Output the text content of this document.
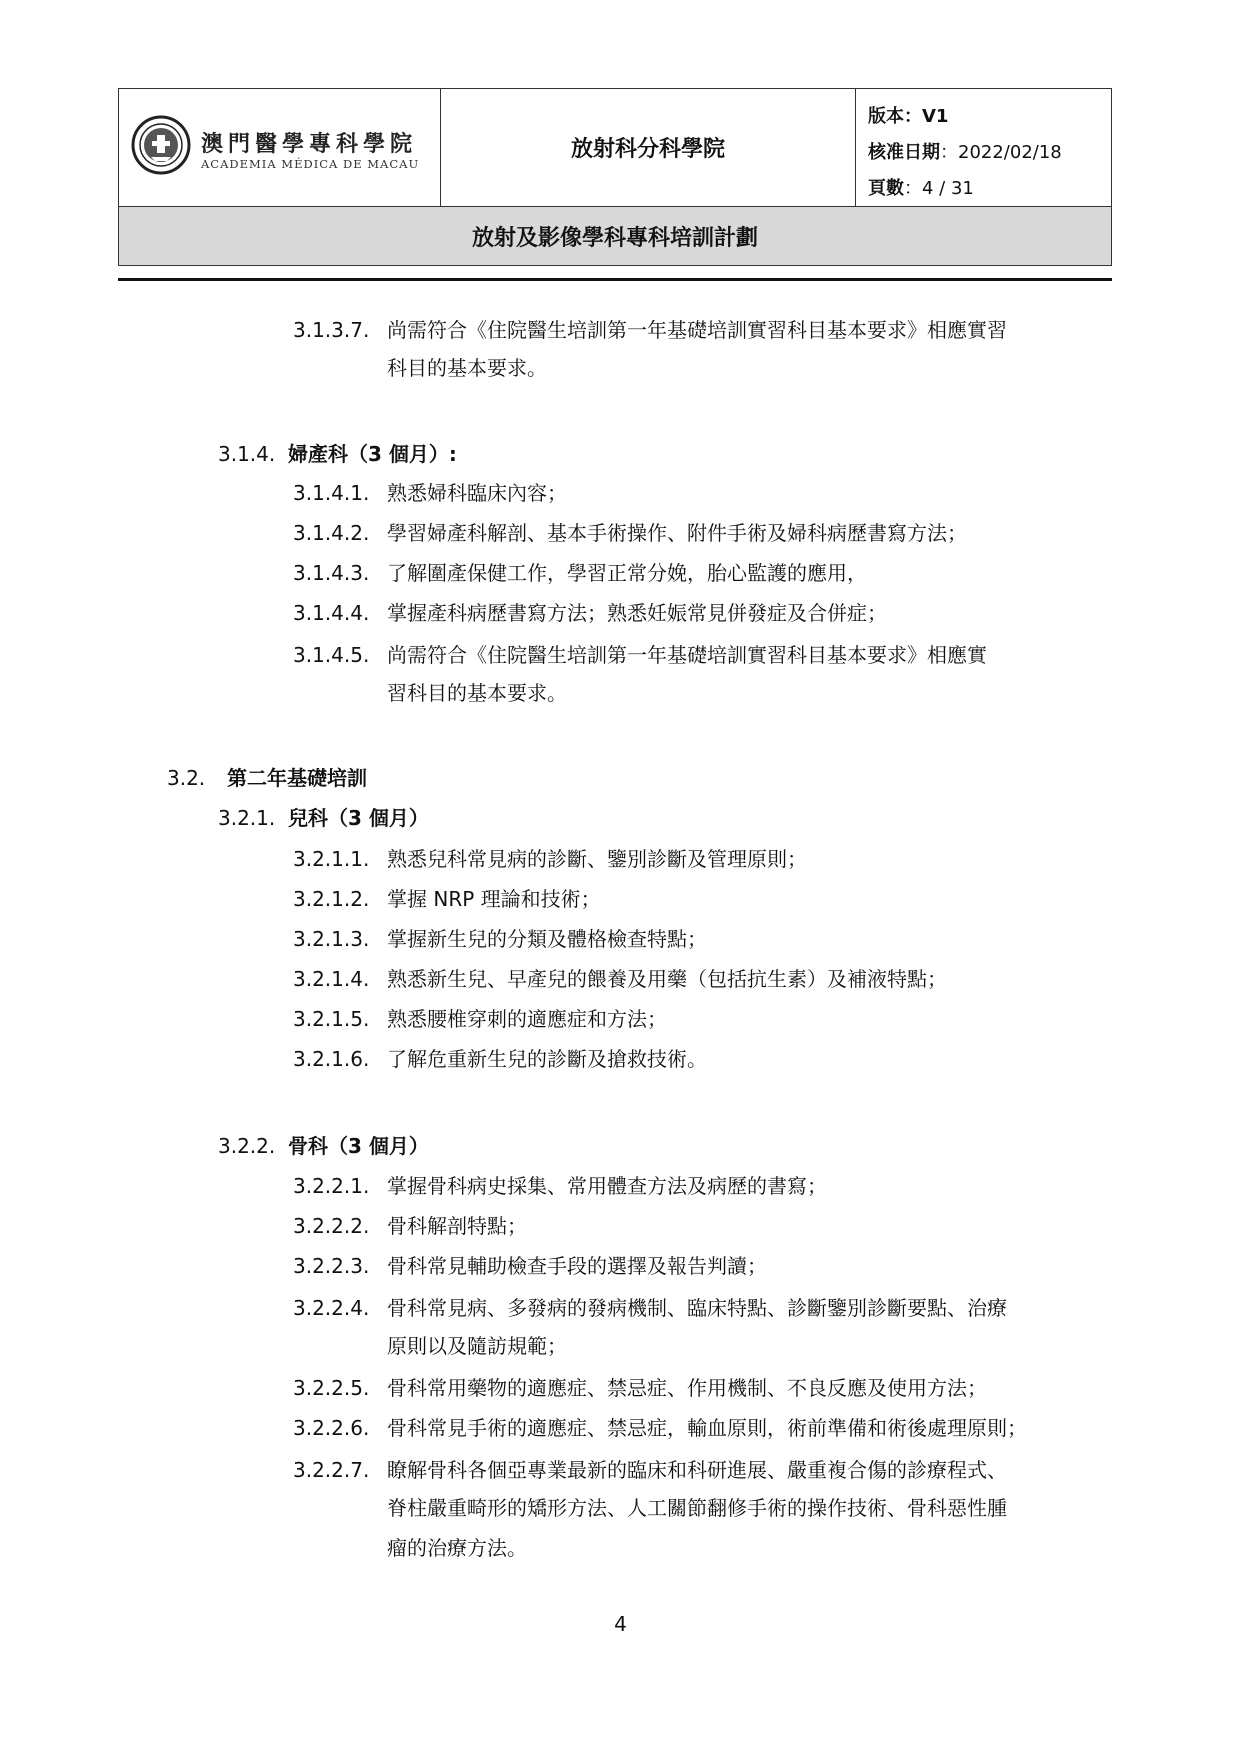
澳門醫學專科學院
ACADEMIA MÉDICA DE MACAU
放射科分科學院
版本：V1
核准日期：2022/02/18
頁數：4 / 31
放射及影像學科專科培訓計劃
3.1.3.7. 尚需符合《住院醫生培訓第一年基礎培訓實習科目基本要求》相應實習
科目的基本要求。
3.1.4. 婦產科（3 個月）:
3.1.4.1. 熟悉婦科臨床內容；
3.1.4.2. 學習婦產科解剖、基本手術操作、附件手術及婦科病歷書寫方法；
3.1.4.3. 了解圍產保健工作，學習正常分娩，胎心監護的應用，
3.1.4.4. 掌握產科病歷書寫方法；熟悉妊娠常見併發症及合併症；
3.1.4.5. 尚需符合《住院醫生培訓第一年基礎培訓實習科目基本要求》相應實
習科目的基本要求。
3.2. 第二年基礎培訓
3.2.1. 兒科（3 個月）
3.2.1.1. 熟悉兒科常見病的診斷、鑒別診斷及管理原則；
3.2.1.2. 掌握 NRP 理論和技術；
3.2.1.3. 掌握新生兒的分類及體格檢查特點；
3.2.1.4. 熟悉新生兒、早產兒的餵養及用藥（包括抗生素）及補液特點；
3.2.1.5. 熟悉腰椎穿刺的適應症和方法；
3.2.1.6. 了解危重新生兒的診斷及搶救技術。
3.2.2. 骨科（3 個月）
3.2.2.1. 掌握骨科病史採集、常用體查方法及病歷的書寫；
3.2.2.2. 骨科解剖特點；
3.2.2.3. 骨科常見輔助檢查手段的選擇及報告判讀；
3.2.2.4. 骨科常見病、多發病的發病機制、臨床特點、診斷鑒別診斷要點、治療
原則以及隨訪規範；
3.2.2.5. 骨科常用藥物的適應症、禁忌症、作用機制、不良反應及使用方法；
3.2.2.6. 骨科常見手術的適應症、禁忌症，輸血原則，術前準備和術後處理原則；
3.2.2.7. 瞭解骨科各個亞專業最新的臨床和科研進展、嚴重複合傷的診療程式、
脊柱嚴重畸形的矯形方法、人工關節翻修手術的操作技術、骨科惡性腫
瘤的治療方法。
4
